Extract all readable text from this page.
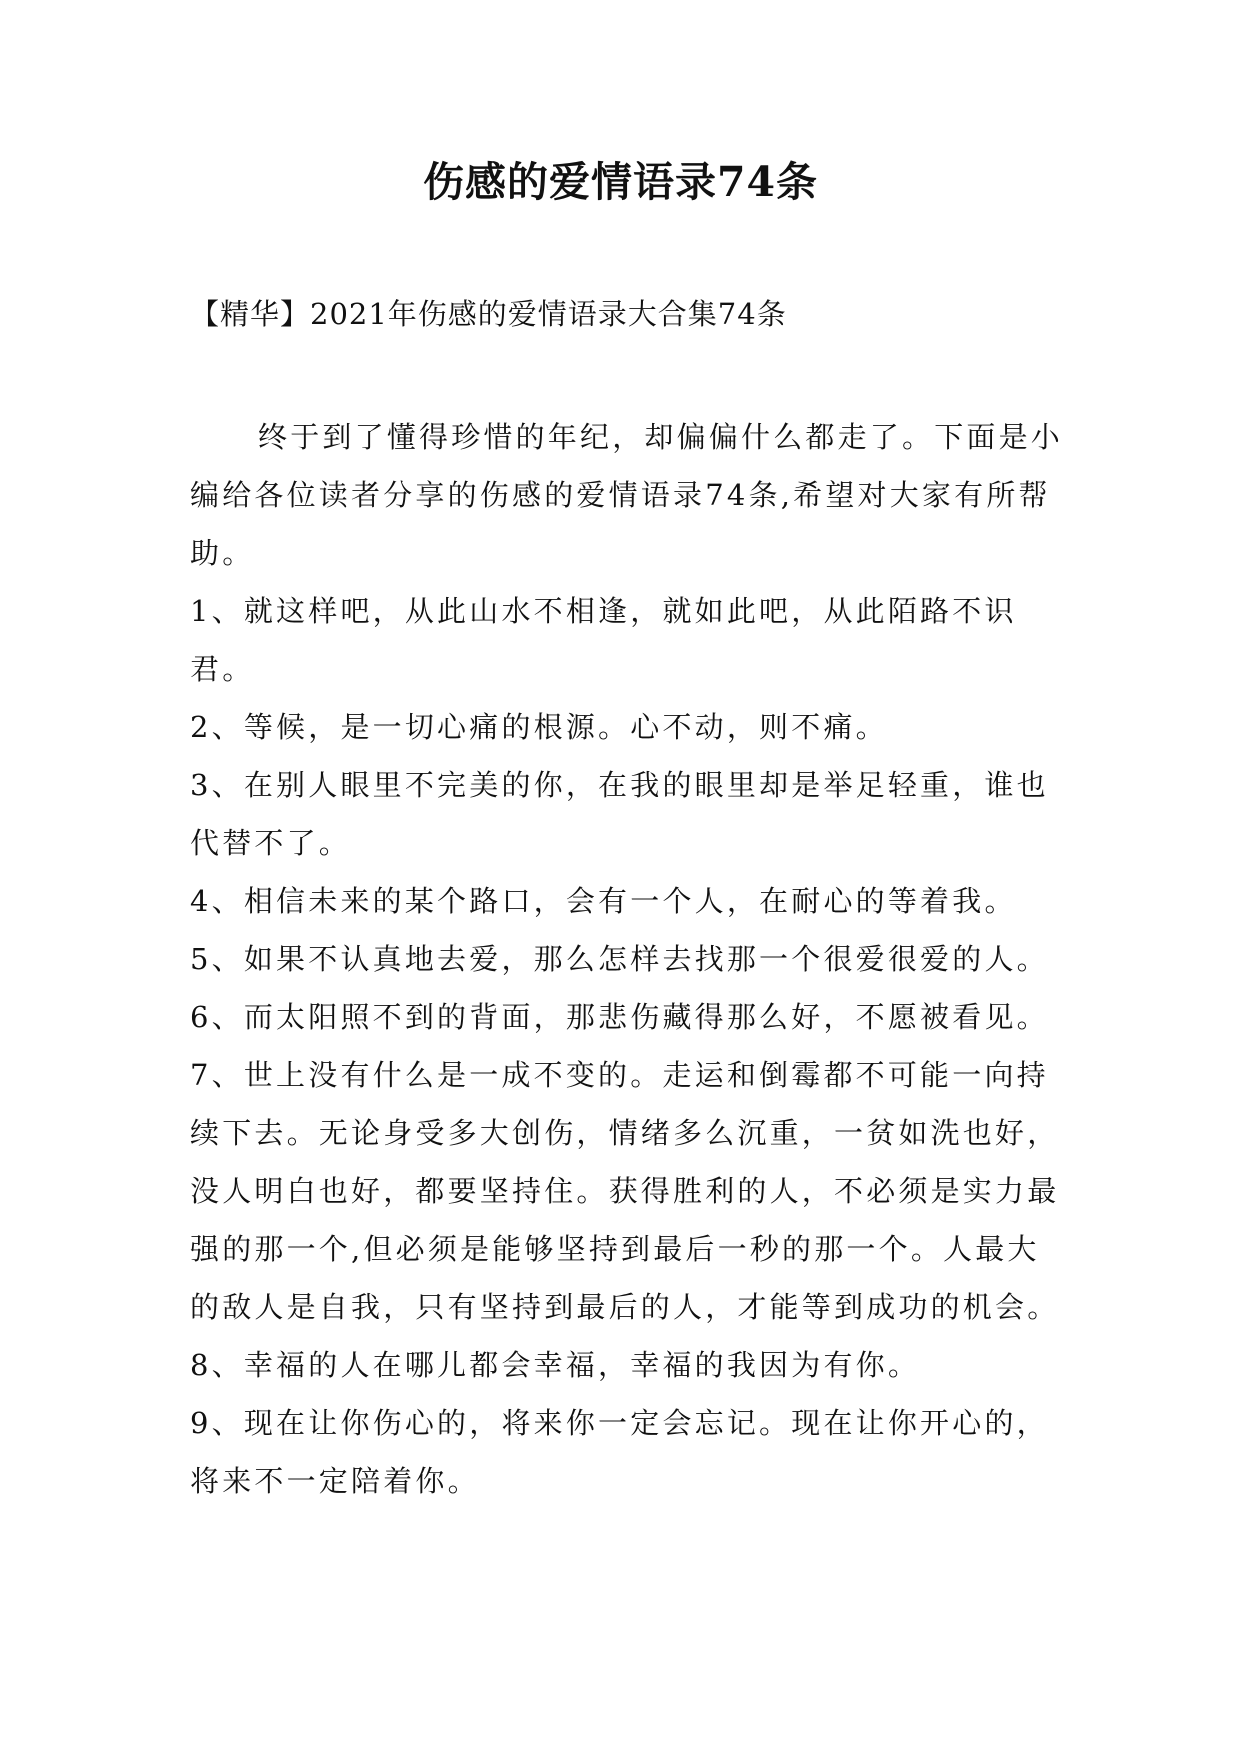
伤感的爱情语录74条
【精华】2021年伤感的爱情语录大合集74条

终于到了懂得珍惜的年纪，却偏偏什么都走了。下面是小编给各位读者分享的伤感的爱情语录74条,希望对大家有所帮助。

1、就这样吧，从此山水不相逢，就如此吧，从此陌路不识君。

2、等候，是一切心痛的根源。心不动，则不痛。

3、在别人眼里不完美的你，在我的眼里却是举足轻重，谁也代替不了。

4、相信未来的某个路口，会有一个人，在耐心的等着我。

5、如果不认真地去爱，那么怎样去找那一个很爱很爱的人。

6、而太阳照不到的背面，那悲伤藏得那么好，不愿被看见。

7、世上没有什么是一成不变的。走运和倒霉都不可能一向持续下去。无论身受多大创伤，情绪多么沉重，一贫如洗也好，没人明白也好，都要坚持住。获得胜利的人，不必须是实力最强的那一个,但必须是能够坚持到最后一秒的那一个。人最大的敌人是自我，只有坚持到最后的人，才能等到成功的机会。

8、幸福的人在哪儿都会幸福，幸福的我因为有你。

9、现在让你伤心的，将来你一定会忘记。现在让你开心的，将来不一定陪着你。
